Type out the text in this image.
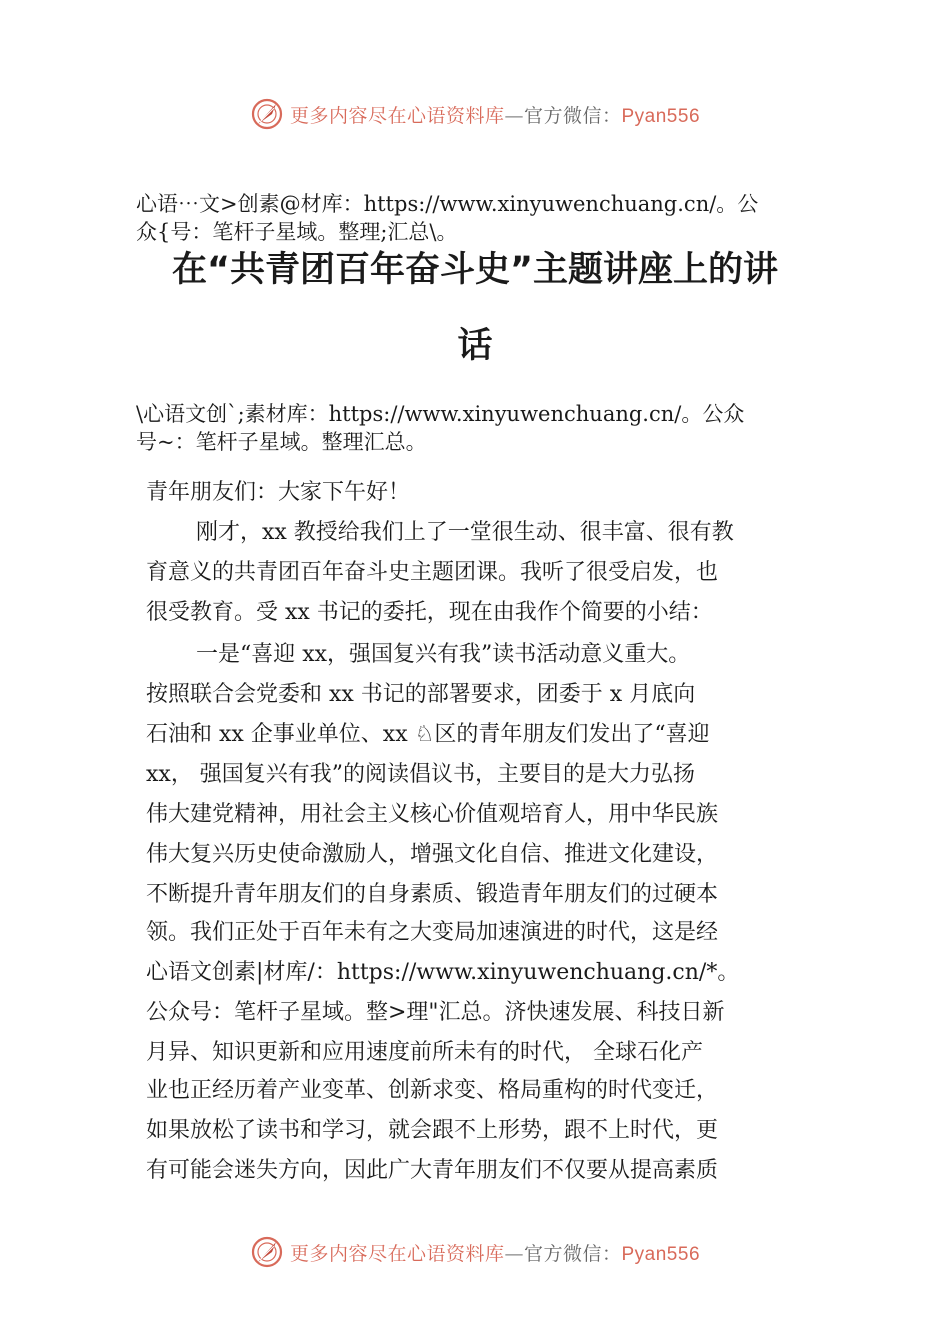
更多内容尽在心语资料库—官方微信：Pyan556
心语⋯文>创素@材库：https://www.xinyuwenchuang.cn/。公
众{号：笔杆子星域。整理;汇总\。
在“共青团百年奋斗史”主题讲座上的讲
话
\心语文创`;素材库：https://www.xinyuwenchuang.cn/。公众
号~：笔杆子星域。整理汇总。
青年朋友们：大家下午好！
刚才，xx 教授给我们上了一堂很生动、很丰富、很有教
育意义的共青团百年奋斗史主题团课。我听了很受启发，也
很受教育。受 xx 书记的委托，现在由我作个简要的小结：
一是“喜迎 xx，强国复兴有我”读书活动意义重大。
按照联合会党委和 xx 书记的部署要求，团委于 x 月底向
石油和 xx 企事业单位、xx ♘区的青年朋友们发出了“喜迎
xx， 强国复兴有我”的阅读倡议书，主要目的是大力弘扬
伟大建党精神，用社会主义核心价值观培育人，用中华民族
伟大复兴历史使命激励人，增强文化自信、推进文化建设，
不断提升青年朋友们的自身素质、锻造青年朋友们的过硬本
领。我们正处于百年未有之大变局加速演进的时代，这是经
心语文创素|材库/：https://www.xinyuwenchuang.cn/*。
公众号：笔杆子星域。整>理"汇总。济快速发展、科技日新
月异、知识更新和应用速度前所未有的时代， 全球石化产
业也正经历着产业变革、创新求变、格局重构的时代变迁，
如果放松了读书和学习，就会跟不上形势，跟不上时代，更
有可能会迷失方向，因此广大青年朋友们不仅要从提高素质
更多内容尽在心语资料库—官方微信：Pyan556
